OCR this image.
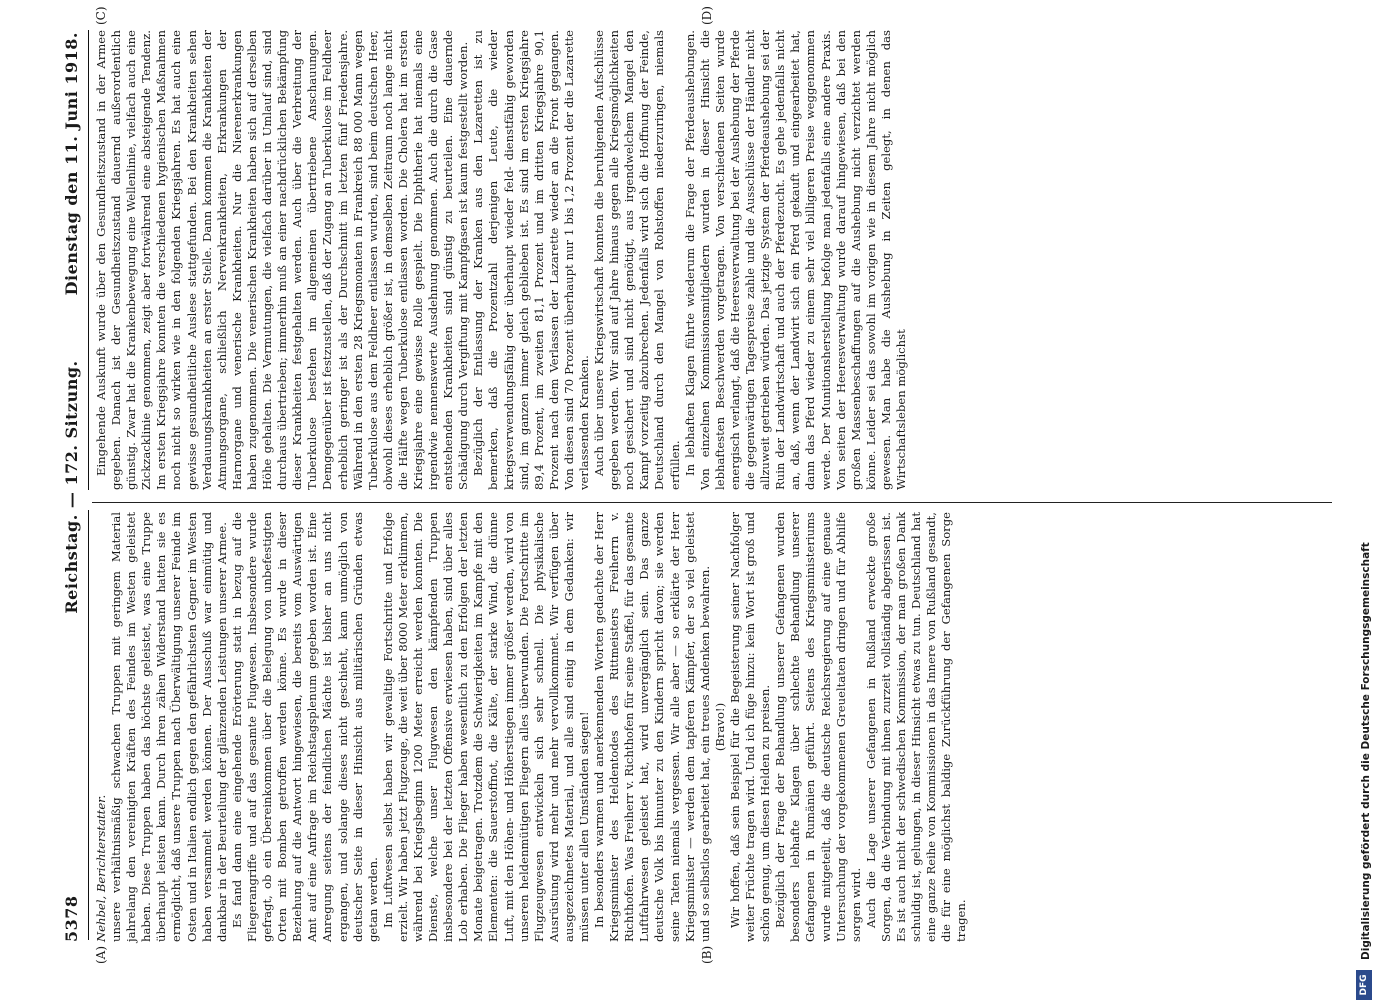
5378
Reichstag. — 172. Sitzung.
Dienstag den 11. Juni 1918.
(A)	(B)
(C)	(D)

Nehbel, Berichterstatter. unsere verhältnismäßig schwachen Truppen mit geringem Material jahrelang den vereinigten Kräften des Feindes im Westen geleistet haben. Diese Truppen haben das höchste geleistet, was eine Truppe überhaupt leisten kann. Durch ihren zähen Widerstand hatten sie es ermöglicht, daß unsere Truppen nach Überwältigung unserer Feinde im Osten und in Italien endlich gegen den gefährlichsten Gegner im Westen haben versammelt werden können. Der Ausschuß war einmütig und dankbar in der Beurteilung der glänzenden Leistungen unserer Armee. Es fand dann eine eingehende Erörterung statt in bezug auf die Fliegerangriffe und auf das gesamte Flugwesen. Insbesondere wurde gefragt, ob ein Übereinkommen über die Belegung von unbefestigten Orten mit Bomben getroffen werden könne. Es wurde in dieser Beziehung auf die Antwort hingewiesen, die bereits vom Auswärtigen Amt auf eine Anfrage im Reichstagsplenum gegeben worden ist. Eine Anregung seitens der feindlichen Mächte ist bisher an uns nicht ergangen, und solange dieses nicht geschieht, kann unmöglich von deutscher Seite in dieser Hinsicht aus militärischen Gründen etwas getan werden. Im Luftwesen selbst haben wir gewaltige Fortschritte und Erfolge erzielt. Wir haben jetzt Flugzeuge, die weit über 8000 Meter erklimmen, während bei Kriegsbeginn 1200 Meter erreicht werden konnten. Die Dienste, welche unser Flugwesen den kämpfenden Truppen insbesondere bei der letzten Offensive erwiesen haben, sind über alles Lob erhaben. Die Flieger haben wesentlich zu den Erfolgen der letzten Monate beigetragen. Trotzdem die Schwierigkeiten im Kampfe mit den Elementen: die Sauerstoffnot, die Kälte, der starke Wind, die dünne Luft, mit den Höhen- und Höherstiegen immer größer werden, wird von unseren heldenmütigen Fliegern alles überwunden. Die Fortschritte im Flugzeugwesen entwickeln sich sehr schnell. Die physikalische Ausrüstung wird mehr und mehr vervollkommnet. Wir verfügen über ausgezeichnetes Material, und alle sind einig in dem Gedanken: wir müssen unter allen Umständen siegen! In besonders warmen und anerkennenden Worten gedachte der Herr Kriegsminister des Heldentodes des Rittmeisters Freiherrn v. Richthofen. Was Freiherr v. Richthofen für seine Staffel, für das gesamte Luftfahrwesen geleistet hat, wird unvergänglich sein. Das ganze deutsche Volk bis hinunter zu den Kindern spricht davon; sie werden seine Taten niemals vergessen. Wir alle aber — so erklärte der Herr Kriegsminister — werden dem tapferen Kämpfer, der so viel geleistet und so selbstlos gearbeitet hat, ein treues Andenken bewahren. (Bravo!) Wir hoffen, daß sein Beispiel für die Begeisterung seiner Nachfolger weiter Früchte tragen wird. Und ich füge hinzu: kein Wort ist groß und schön genug, um diesen Helden zu preisen. Bezüglich der Frage der Behandlung unserer Gefangenen wurden besonders lebhafte Klagen über schlechte Behandlung unserer Gefangenen in Rumänien geführt. Seitens des Kriegsministeriums wurde mitgeteilt, daß die deutsche Reichsregierung auf eine genaue Untersuchung der vorgekommenen Greueltaten dringen und für Abhilfe sorgen wird. Auch die Lage unserer Gefangenen in Rußland erweckte große Sorgen, da die Verbindung mit ihnen zurzeit vollständig abgerissen ist. Es ist auch nicht der schwedischen Kommission, der man großen Dank schuldig ist, gelungen, in dieser Hinsicht etwas zu tun. Deutschland hat eine ganze Reihe von Kommissionen in das Innere von Rußland gesandt, die für eine möglichst baldige Zurückführung der Gefangenen Sorge tragen.

Eingehende Auskunft wurde über den Gesundheitszustand in der Armee gegeben. Danach ist der Gesundheitszustand dauernd außerordentlich günstig. Zwar hat die Krankenbewegung eine Wellenlinie, vielfach auch eine Zickzacklinie genommen, zeigt aber fortwährend eine absteigende Tendenz. Im ersten Kriegsjahre konnten die verschiedenen hygienischen Maßnahmen noch nicht so wirken wie in den folgenden Kriegsjahren. Es hat auch eine gewisse gesundheitliche Auslese stattgefunden. Bei den Krankheiten sehen Verdauungskrankheiten an erster Stelle. Dann kommen die Krankheiten der Atmungsorgane, schließlich Nervenkrankheiten, Erkrankungen der Harnorgane und venerische Krankheiten. Nur die Nierenerkrankungen haben zugenommen. Die venerischen Krankheiten haben sich auf derselben Höhe gehalten. Die Vermutungen, die vielfach darüber in Umlauf sind, sind durchaus übertrieben; immerhin muß an einer nachdrücklichen Bekämpfung dieser Krankheiten festgehalten werden. Auch über die Verbreitung der Tuberkulose bestehen im allgemeinen übertriebene Anschauungen. Demgegenüber ist festzustellen, daß der Zugang an Tuberkulose im Feldheer erheblich geringer ist als der Durchschnitt im letzten fünf Friedensjahre. Während in den ersten 28 Kriegsmonaten in Frankreich 88 000 Mann wegen Tuberkulose aus dem Feldheer entlassen wurden, sind beim deutschen Heer, obwohl dieses erheblich größer ist, in demselben Zeitraum noch lange nicht die Hälfte wegen Tuberkulose entlassen worden. Die Cholera hat im ersten Kriegsjahre eine gewisse Rolle gespielt. Die Diphtherie hat niemals eine irgendwie nennenswerte Ausdehnung genommen. Auch die durch die Gase entstehenden Krankheiten sind günstig zu beurteilen. Eine dauernde Schädigung durch Vergiftung mit Kampfgasen ist kaum festgestellt worden. Bezüglich der Entlassung der Kranken aus den Lazaretten ist zu bemerken, daß die Prozentzahl derjenigen Leute, die wieder kriegsverwendungsfähig oder überhaupt wieder feld- dienstfähig geworden sind, im ganzen immer gleich geblieben ist. Es sind im ersten Kriegsjahre 89,4 Prozent, im zweiten 81,1 Prozent und im dritten Kriegsjahre 90,1 Prozent nach dem Verlassen der Lazarette wieder an die Front gegangen. Von diesen sind 70 Prozent überhaupt nur 1 bis 1,2 Prozent der die Lazarette verlassenden Kranken. Auch über unsere Kriegswirtschaft konnten die beruhigenden Aufschlüsse gegeben werden. Wir sind auf Jahre hinaus gegen alle Kriegsmöglichkeiten noch gesichert und sind nicht genötigt, aus irgendwelchem Mangel den Kampf vorzeitig abzubrechen. Jedenfalls wird sich die Hoffnung der Feinde, Deutschland durch den Mangel von Rohstoffen niederzuringen, niemals erfüllen. In lebhaften Klagen führte wiederum die Frage der Pferdeaushebungen. Von einzelnen Kommissionsmitgliedern wurden in dieser Hinsicht die lebhaftesten Beschwerden vorgetragen. Von verschiedenen Seiten wurde energisch verlangt, daß die Heeresverwaltung bei der Aushebung der Pferde die gegenwärtigen Tagespreise zahle und die Ausschlüsse der Händler nicht allzuweit getrieben würden. Das jetzige System der Pferdeaushebung sei der Ruin der Landwirtschaft und auch der Pferdezucht. Es gehe jedenfalls nicht an, daß, wenn der Landwirt sich ein Pferd gekauft und eingearbeitet hat, dann das Pferd wieder zu einem sehr viel billigeren Preise weggenommen werde. Der Munitionsherstellung befolge man jedenfalls eine andere Praxis. Von seiten der Heeresverwaltung wurde darauf hingewiesen, daß bei den großen Massenbeschaffungen auf die Aushebung nicht verzichtet werden könne. Leider sei das sowohl im vorigen wie in diesem Jahre nicht möglich gewesen. Man habe die Aushebung in Zeiten gelegt, in denen das Wirtschaftsleben möglichst

DFG
Digitalisierung gefördert durch die Deutsche Forschungsgemeinschaft
